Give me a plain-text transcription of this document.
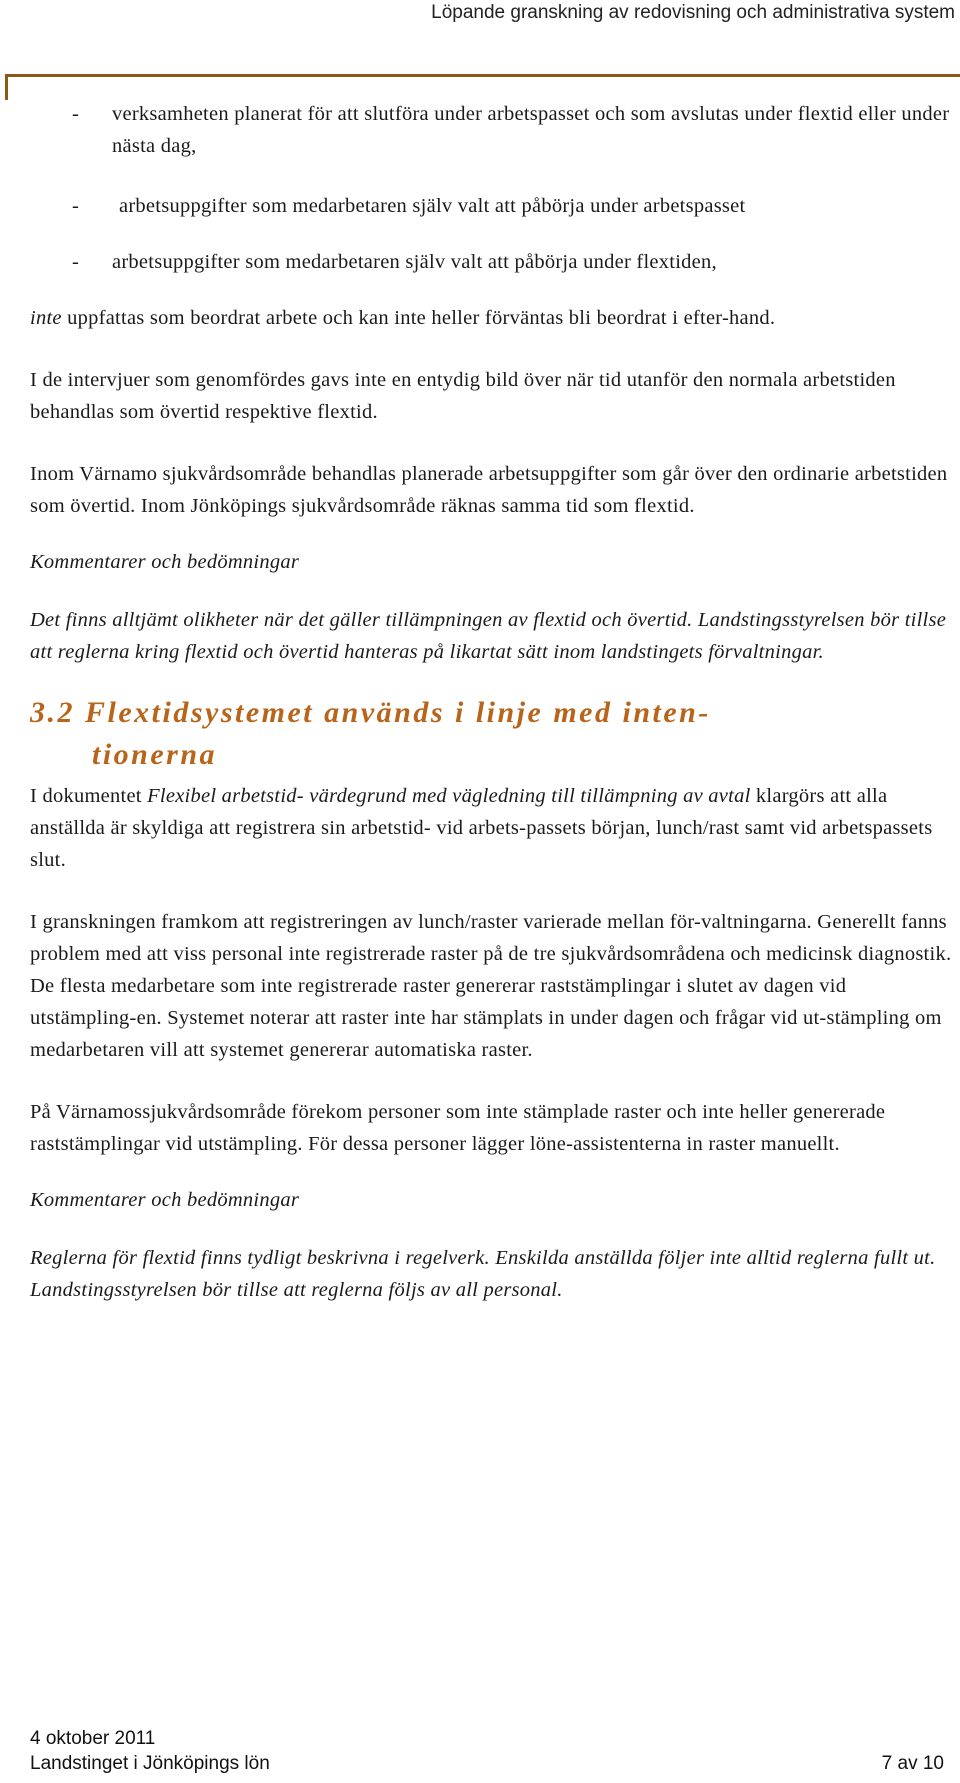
Löpande granskning av redovisning och administrativa system
-	verksamheten planerat för att slutföra under arbetspasset och som avslutas under flextid eller under nästa dag,
-	arbetsuppgifter som medarbetaren själv valt att påbörja under arbetspasset
-	arbetsuppgifter som medarbetaren själv valt att påbörja under flextiden,

inte uppfattas som beordrat arbete och kan inte heller förväntas bli beordrat i efter-hand.

I de intervjuer som genomfördes gavs inte en entydig bild över när tid utanför den normala arbetstiden behandlas som övertid respektive flextid.

Inom Värnamo sjukvårdsområde behandlas planerade arbetsuppgifter som går över den ordinarie arbetstiden som övertid. Inom Jönköpings sjukvårdsområde räknas samma tid som flextid.

Kommentarer och bedömningar

Det finns alltjämt olikheter när det gäller tillämpningen av flextid och övertid. Landstingsstyrelsen bör tillse att reglerna kring flextid och övertid hanteras på likartat sätt inom landstingets förvaltningar.

3.2 Flextidsystemet används i linje med inten-
tionerna

I dokumentet Flexibel arbetstid- värdegrund med vägledning till tillämpning av avtal klargörs att alla anställda är skyldiga att registrera sin arbetstid- vid arbets-passets början, lunch/rast samt vid arbetspassets slut.

I granskningen framkom att registreringen av lunch/raster varierade mellan för-valtningarna. Generellt fanns problem med att viss personal inte registrerade raster på de tre sjukvårdsområdena och medicinsk diagnostik. De flesta medarbetare som inte registrerade raster genererar raststämplingar i slutet av dagen vid utstämpling-en. Systemet noterar att raster inte har stämplats in under dagen och frågar vid ut-stämpling om medarbetaren vill att systemet genererar automatiska raster.

På Värnamossjukvårdsområde förekom personer som inte stämplade raster och inte heller genererade raststämplingar vid utstämpling. För dessa personer lägger löne-assistenterna in raster manuellt.

Kommentarer och bedömningar

Reglerna för flextid finns tydligt beskrivna i regelverk. Enskilda anställda följer inte alltid reglerna fullt ut. Landstingsstyrelsen bör tillse att reglerna följs av all personal.

4 oktober 2011
Landstinget i Jönköpings lön	7 av 10
